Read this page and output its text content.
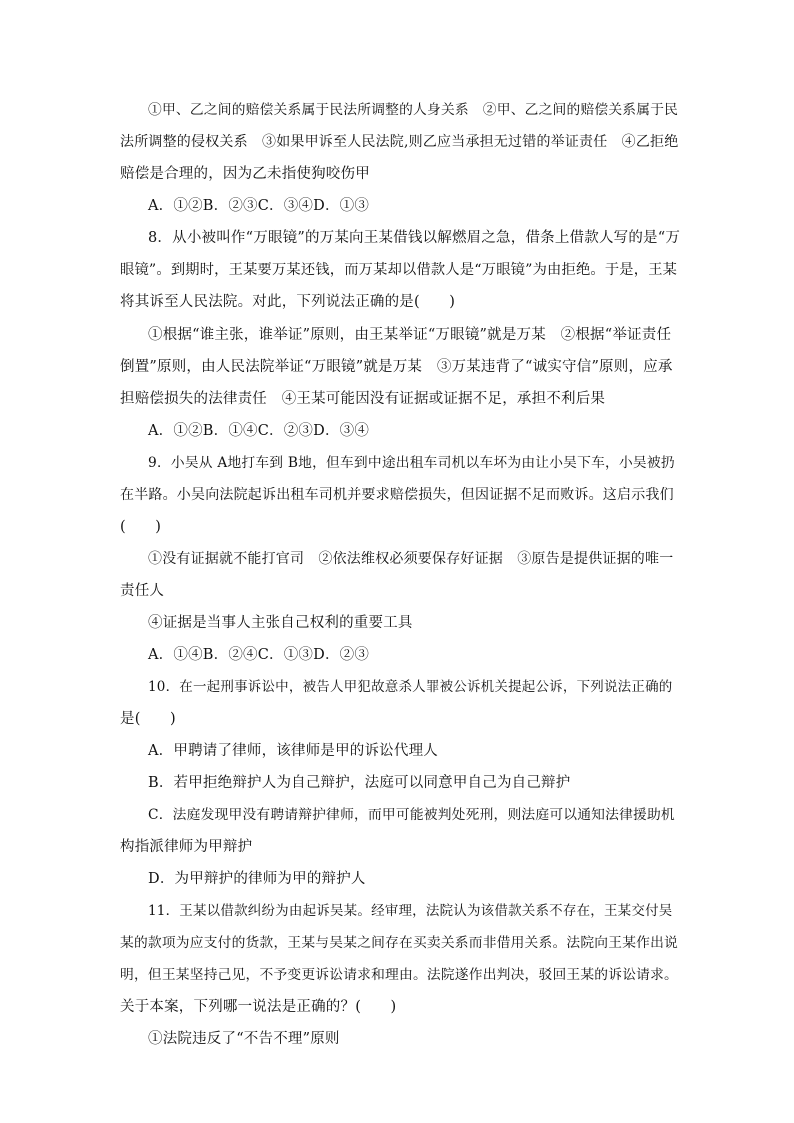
①甲、乙之间的赔偿关系属于民法所调整的人身关系　②甲、乙之间的赔偿关系属于民
法所调整的侵权关系　③如果甲诉至人民法院,则乙应当承担无过错的举证责任　④乙拒绝
赔偿是合理的，因为乙未指使狗咬伤甲
A．①②B．②③C．③④D．①③
8．从小被叫作“万眼镜”的万某向王某借钱以解燃眉之急，借条上借款人写的是“万
眼镜”。到期时，王某要万某还钱，而万某却以借款人是“万眼镜”为由拒绝。于是，王某
将其诉至人民法院。对此，下列说法正确的是(　　)
①根据“谁主张，谁举证”原则，由王某举证“万眼镜”就是万某　②根据“举证责任
倒置”原则，由人民法院举证“万眼镜”就是万某　③万某违背了“诚实守信”原则，应承
担赔偿损失的法律责任　④王某可能因没有证据或证据不足，承担不利后果
A．①②B．①④C．②③D．③④
9．小吴从 A地打车到 B地，但车到中途出租车司机以车坏为由让小吴下车，小吴被扔
在半路。小吴向法院起诉出租车司机并要求赔偿损失，但因证据不足而败诉。这启示我们
(　　)
①没有证据就不能打官司　②依法维权必须要保存好证据　③原告是提供证据的唯一
责任人
④证据是当事人主张自己权利的重要工具
A．①④B．②④C．①③D．②③
10．在一起刑事诉讼中，被告人甲犯故意杀人罪被公诉机关提起公诉，下列说法正确的
是(　　)
A．甲聘请了律师，该律师是甲的诉讼代理人
B．若甲拒绝辩护人为自己辩护，法庭可以同意甲自己为自己辩护
C．法庭发现甲没有聘请辩护律师，而甲可能被判处死刑，则法庭可以通知法律援助机
构指派律师为甲辩护
D．为甲辩护的律师为甲的辩护人
11．王某以借款纠纷为由起诉吴某。经审理，法院认为该借款关系不存在，王某交付吴
某的款项为应支付的货款，王某与吴某之间存在买卖关系而非借用关系。法院向王某作出说
明，但王某坚持己见，不予变更诉讼请求和理由。法院遂作出判决，驳回王某的诉讼请求。
关于本案，下列哪一说法是正确的？(　　)
①法院违反了“不告不理”原则
